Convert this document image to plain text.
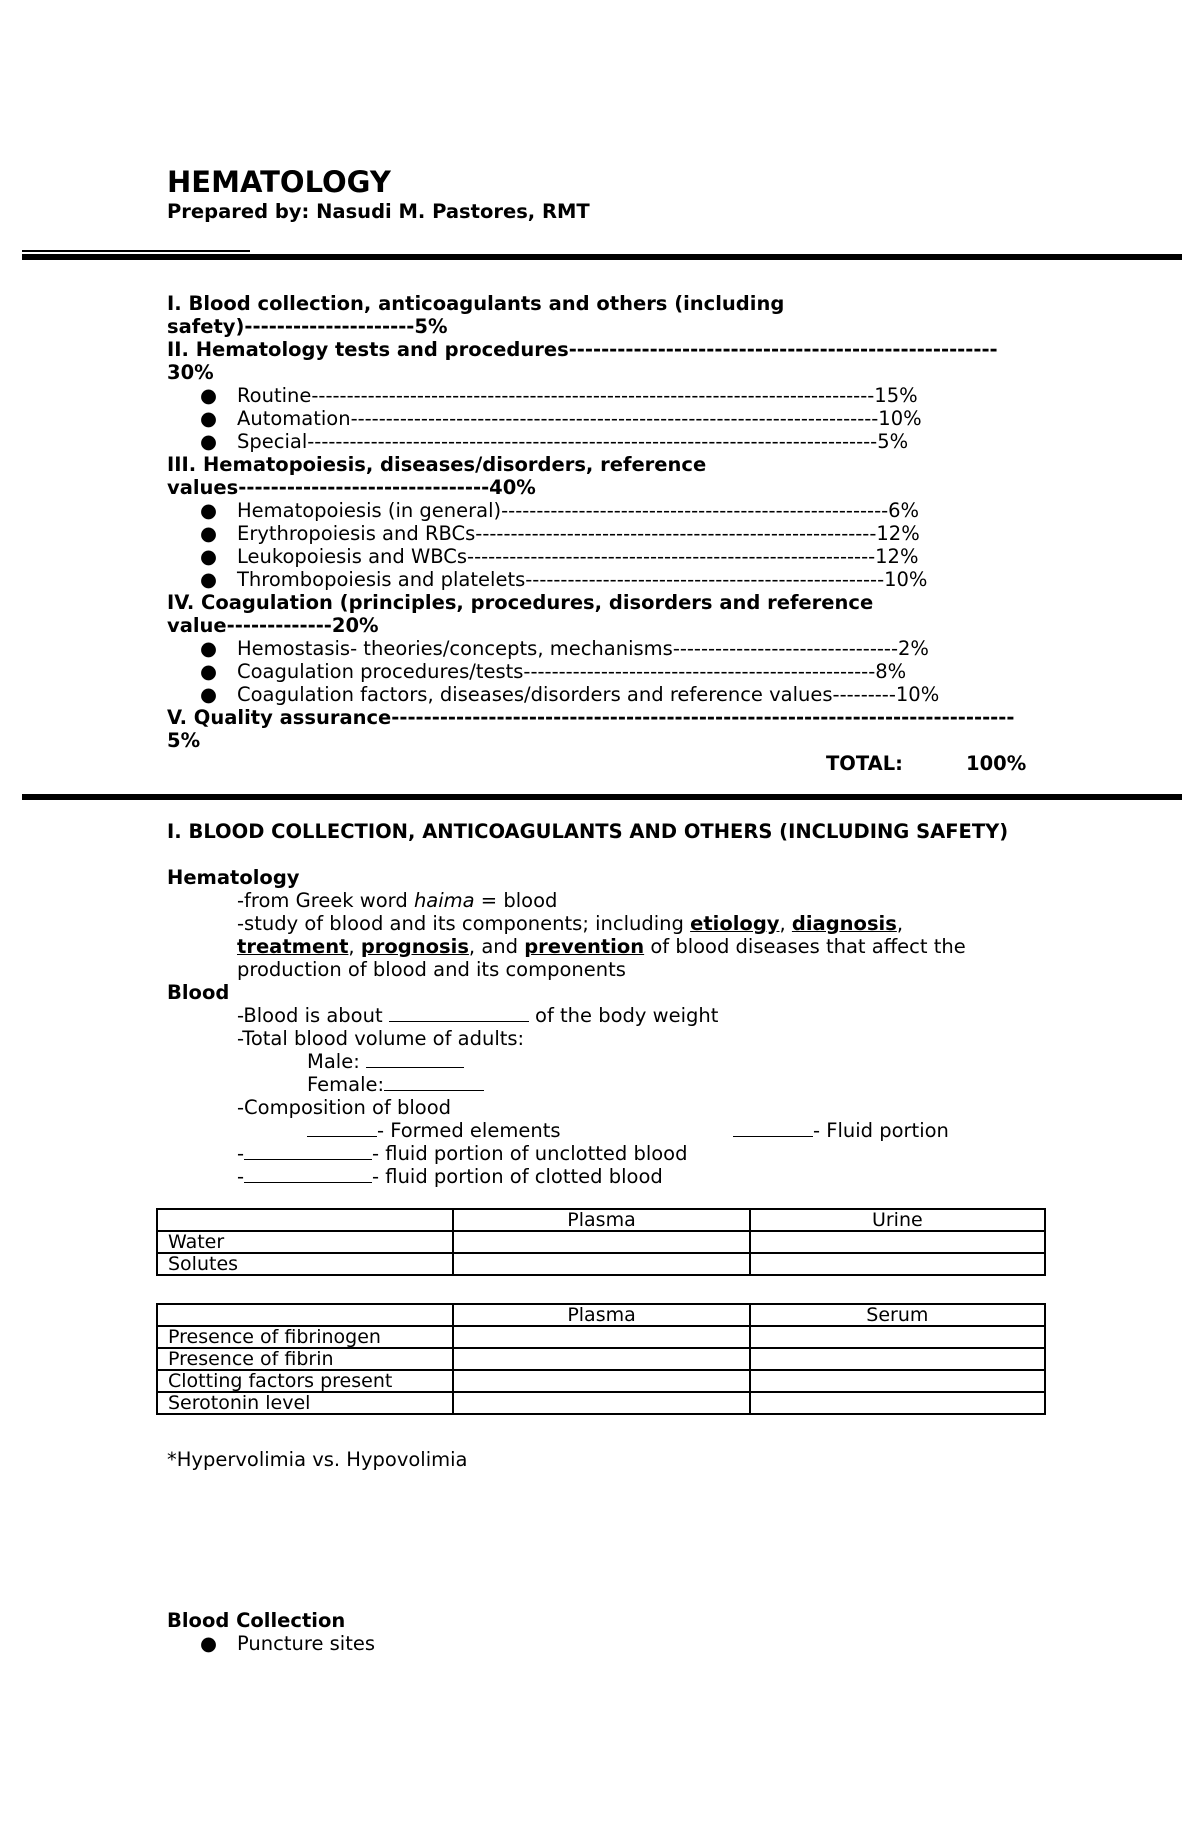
HEMATOLOGY
Prepared by: Nasudi M. Pastores, RMT
I. Blood collection, anticoagulants and others (including
safety)---------------------5%
II. Hematology tests and procedures-----------------------------------------------------
30%
● Routine--------------------------------------------------------------------------------15%
● Automation---------------------------------------------------------------------------10%
● Special---------------------------------------------------------------------------------5%
III. Hematopoiesis, diseases/disorders, reference
values-------------------------------40%
● Hematopoiesis (in general)-------------------------------------------------------6%
● Erythropoiesis and RBCs---------------------------------------------------------12%
● Leukopoiesis and WBCs----------------------------------------------------------12%
● Thrombopoiesis and platelets---------------------------------------------------10%
IV. Coagulation (principles, procedures, disorders and reference
value-------------20%
● Hemostasis- theories/concepts, mechanisms--------------------------------2%
● Coagulation procedures/tests--------------------------------------------------8%
● Coagulation factors, diseases/disorders and reference values---------10%
V. Quality assurance-----------------------------------------------------------------------------
5%
TOTAL:	100%
I. BLOOD COLLECTION, ANTICOAGULANTS AND OTHERS (INCLUDING SAFETY)
Hematology
-from Greek word haima = blood
-study of blood and its components; including etiology, diagnosis,
treatment, prognosis, and prevention of blood diseases that affect the
production of blood and its components
Blood
-Blood is about	of the body weight
-Total blood volume of adults:
Male:
Female:
-Composition of blood
- Formed elements	- Fluid portion
-	- fluid portion of unclotted blood
-	- fluid portion of clotted blood
	Plasma	Urine
Water		
Solutes		
	Plasma	Serum
Presence of fibrinogen		
Presence of fibrin		
Clotting factors present		
Serotonin level		
*Hypervolimia vs. Hypovolimia
Blood Collection
● Puncture sites
